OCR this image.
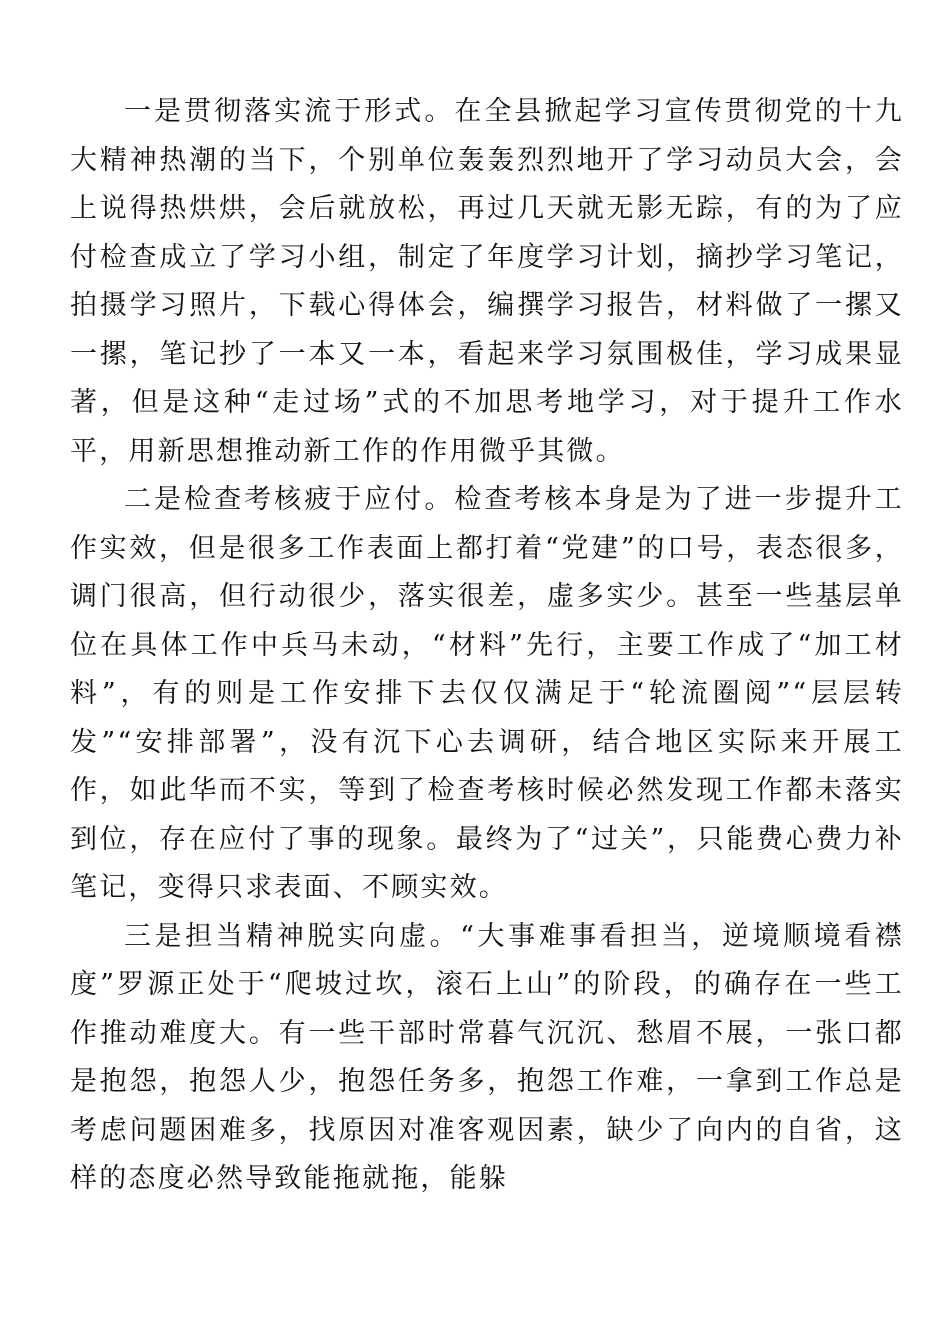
一是贯彻落实流于形式。在全县掀起学习宣传贯彻党的十九大精神热潮的当下，个别单位轰轰烈烈地开了学习动员大会，会上说得热烘烘，会后就放松，再过几天就无影无踪，有的为了应付检查成立了学习小组，制定了年度学习计划，摘抄学习笔记，拍摄学习照片，下载心得体会，编撰学习报告，材料做了一摞又一摞，笔记抄了一本又一本，看起来学习氛围极佳，学习成果显著，但是这种“走过场”式的不加思考地学习，对于提升工作水平，用新思想推动新工作的作用微乎其微。

二是检查考核疲于应付。检查考核本身是为了进一步提升工作实效，但是很多工作表面上都打着“党建”的口号，表态很多，调门很高，但行动很少，落实很差，虚多实少。甚至一些基层单位在具体工作中兵马未动，“材料”先行，主要工作成了“加工材料”，有的则是工作安排下去仅仅满足于“轮流圈阅”“层层转发”“安排部署”，没有沉下心去调研，结合地区实际来开展工作，如此华而不实，等到了检查考核时候必然发现工作都未落实到位，存在应付了事的现象。最终为了“过关”，只能费心费力补笔记，变得只求表面、不顾实效。

三是担当精神脱实向虚。“大事难事看担当，逆境顺境看襟度”罗源正处于“爬坡过坎，滚石上山”的阶段，的确存在一些工作推动难度大。有一些干部时常暮气沉沉、愁眉不展，一张口都是抱怨，抱怨人少，抱怨任务多，抱怨工作难，一拿到工作总是考虑问题困难多，找原因对准客观因素，缺少了向内的自省，这样的态度必然导致能拖就拖，能躲
